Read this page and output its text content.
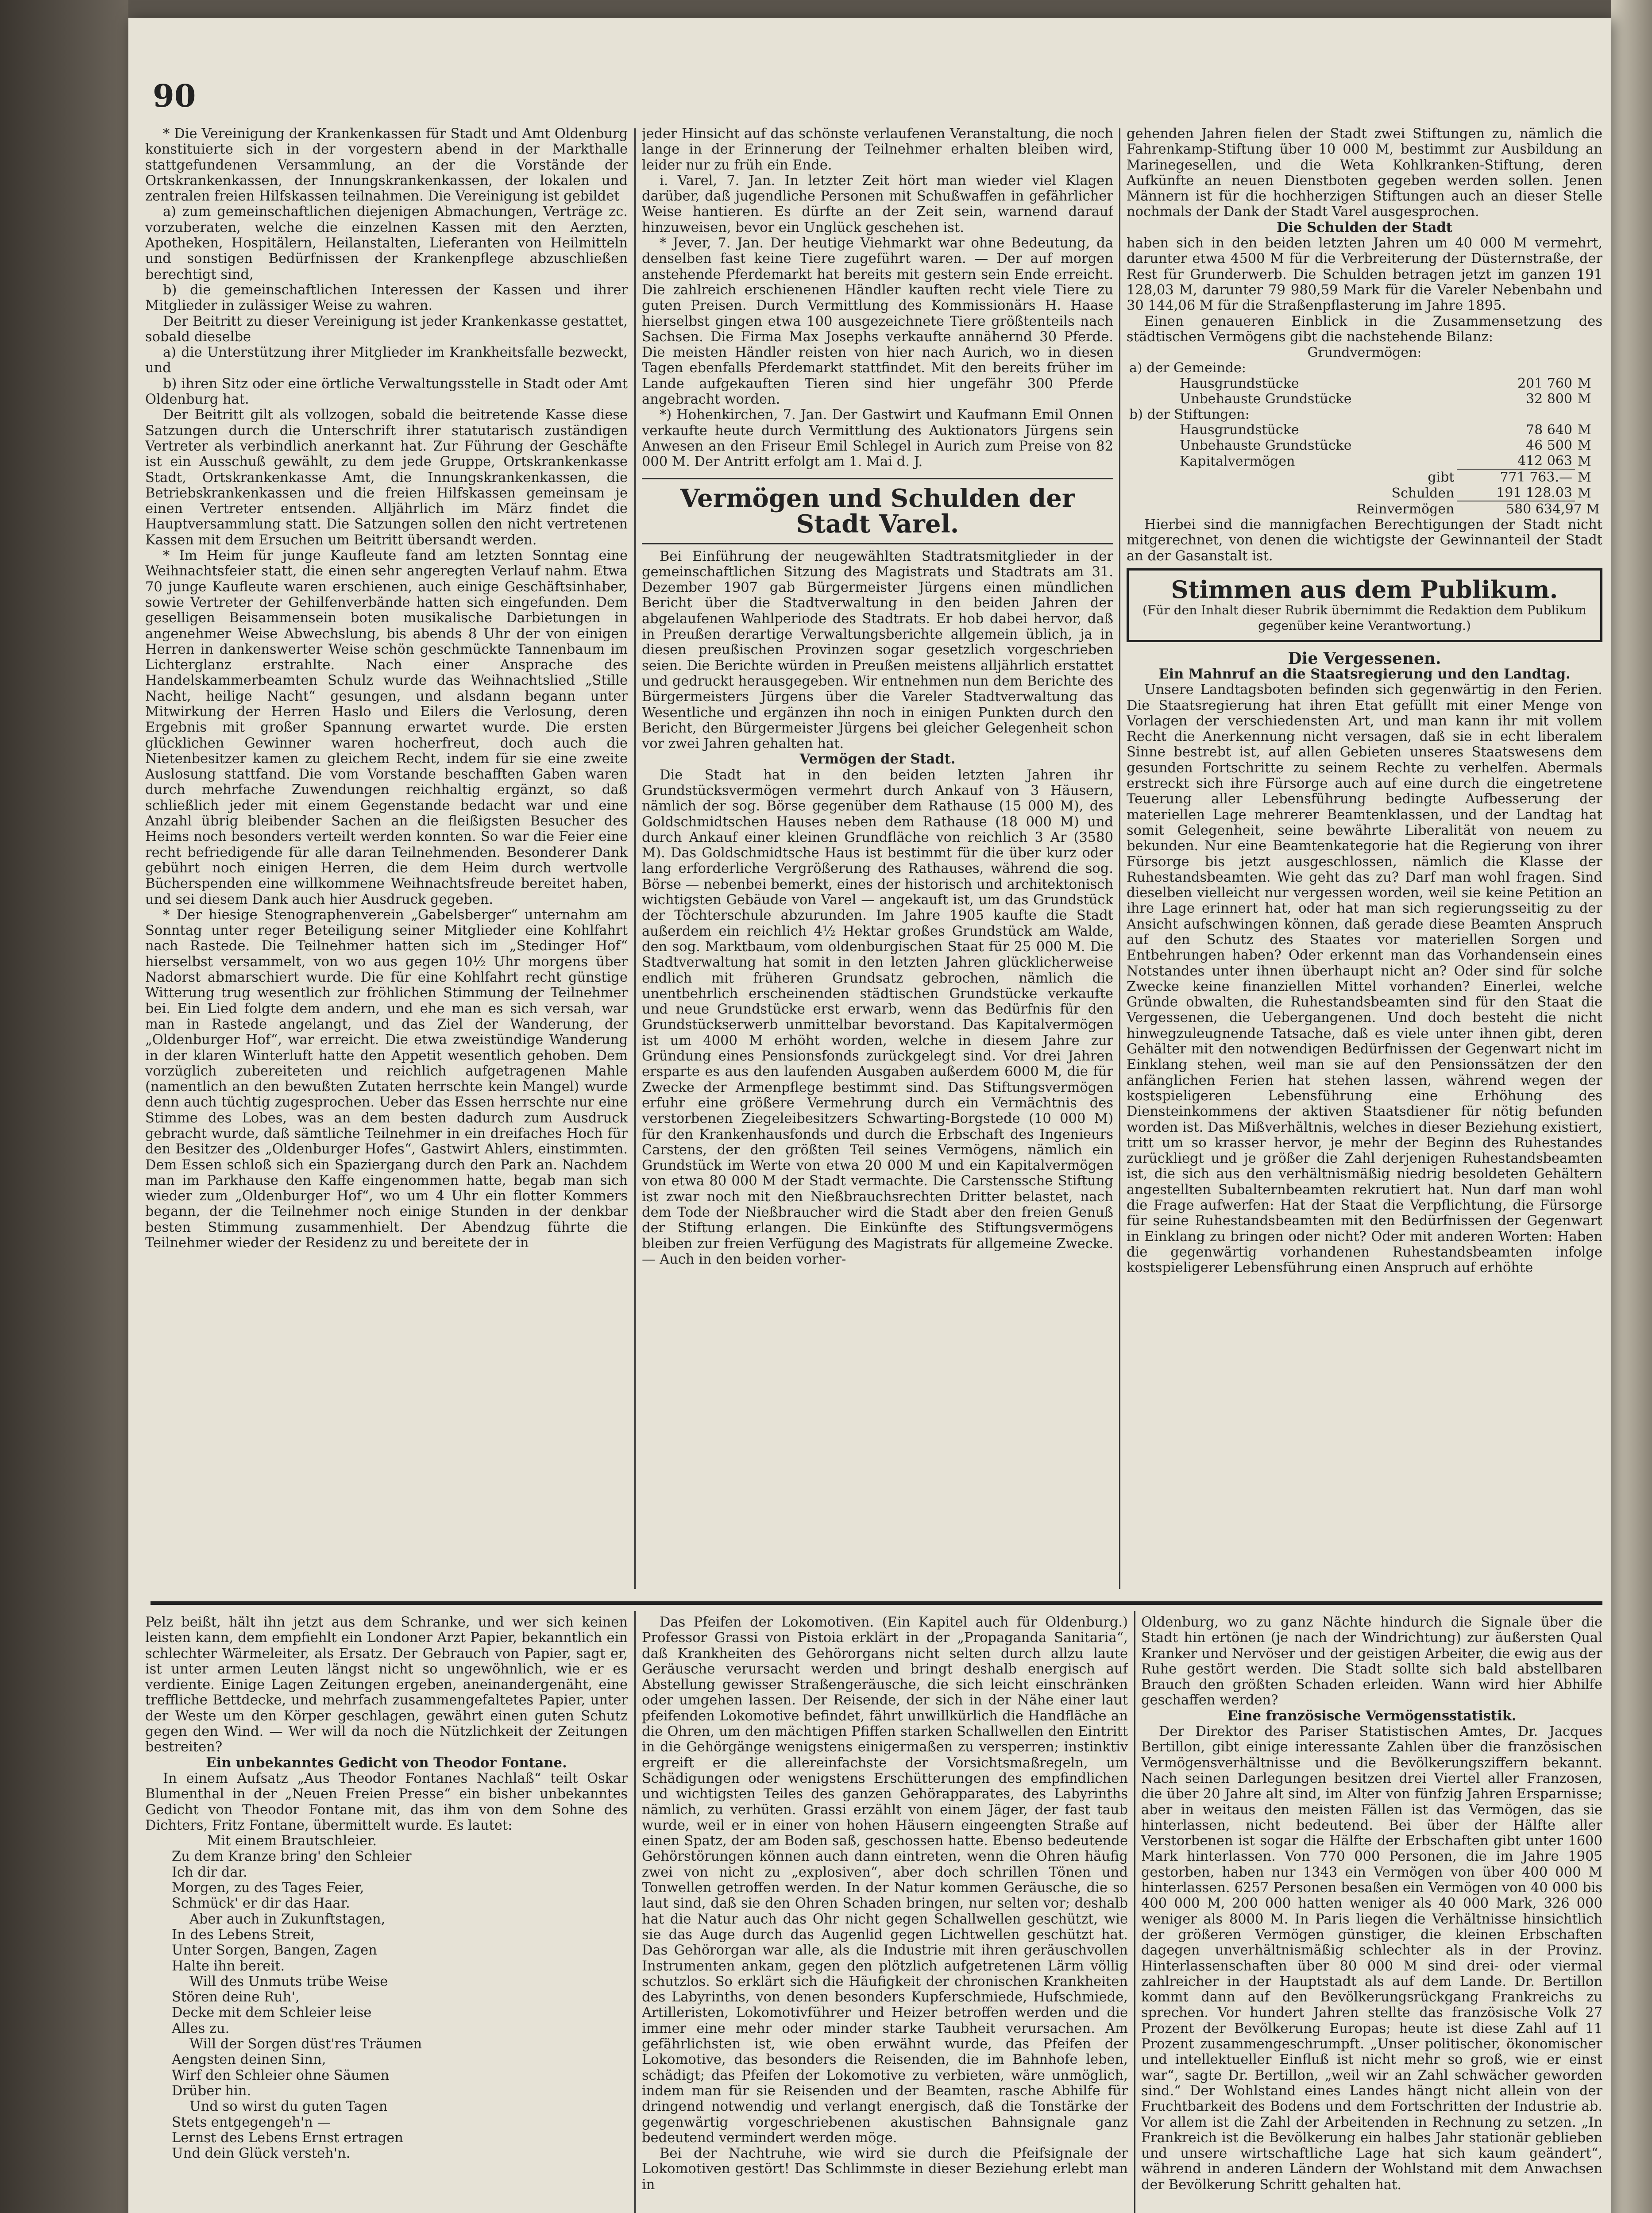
90

* Die Vereinigung der Krankenkassen für Stadt und Amt Oldenburg konstituierte sich in der vorgestern abend in der Markthalle stattgefundenen Versammlung, an der die Vorstände der Ortskrankenkassen, der Innungskrankenkassen, der lokalen und zentralen freien Hilfskassen teilnahmen. Die Vereinigung ist gebildet

a) zum gemeinschaftlichen diejenigen Abmachungen, Verträge zc. vorzuberaten, welche die einzelnen Kassen mit den Aerzten, Apotheken, Hospitälern, Heilanstalten, Lieferanten von Heilmitteln und sonstigen Bedürfnissen der Krankenpflege abzuschließen berechtigt sind,

b) die gemeinschaftlichen Interessen der Kassen und ihrer Mitglieder in zulässiger Weise zu wahren.

Der Beitritt zu dieser Vereinigung ist jeder Krankenkasse gestattet, sobald dieselbe

a) die Unterstützung ihrer Mitglieder im Krankheitsfalle bezweckt, und

b) ihren Sitz oder eine örtliche Verwaltungsstelle in Stadt oder Amt Oldenburg hat.

Der Beitritt gilt als vollzogen, sobald die beitretende Kasse diese Satzungen durch die Unterschrift ihrer statutarisch zuständigen Vertreter als verbindlich anerkannt hat. Zur Führung der Geschäfte ist ein Ausschuß gewählt, zu dem jede Gruppe, Ortskrankenkasse Stadt, Ortskrankenkasse Amt, die Innungskrankenkassen, die Betriebskrankenkassen und die freien Hilfskassen gemeinsam je einen Vertreter entsenden. Alljährlich im März findet die Hauptversammlung statt. Die Satzungen sollen den nicht vertretenen Kassen mit dem Ersuchen um Beitritt übersandt werden.

* Im Heim für junge Kaufleute fand am letzten Sonntag eine Weihnachtsfeier statt, die einen sehr angeregten Verlauf nahm. Etwa 70 junge Kaufleute waren erschienen, auch einige Geschäftsinhaber, sowie Vertreter der Gehilfenverbände hatten sich eingefunden. Dem geselligen Beisammensein boten musikalische Darbietungen in angenehmer Weise Abwechslung, bis abends 8 Uhr der von einigen Herren in dankenswerter Weise schön geschmückte Tannenbaum im Lichterglanz erstrahlte. Nach einer Ansprache des Handelskammerbeamten Schulz wurde das Weihnachtslied „Stille Nacht, heilige Nacht“ gesungen, und alsdann begann unter Mitwirkung der Herren Haslo und Eilers die Verlosung, deren Ergebnis mit großer Spannung erwartet wurde. Die ersten glücklichen Gewinner waren hocherfreut, doch auch die Nietenbesitzer kamen zu gleichem Recht, indem für sie eine zweite Auslosung stattfand. Die vom Vorstande beschafften Gaben waren durch mehrfache Zuwendungen reichhaltig ergänzt, so daß schließlich jeder mit einem Gegenstande bedacht war und eine Anzahl übrig bleibender Sachen an die fleißigsten Besucher des Heims noch besonders verteilt werden konnten. So war die Feier eine recht befriedigende für alle daran Teilnehmenden. Besonderer Dank gebührt noch einigen Herren, die dem Heim durch wertvolle Bücherspenden eine willkommene Weihnachtsfreude bereitet haben, und sei diesem Dank auch hier Ausdruck gegeben.

* Der hiesige Stenographenverein „Gabelsberger“ unternahm am Sonntag unter reger Beteiligung seiner Mitglieder eine Kohlfahrt nach Rastede. Die Teilnehmer hatten sich im „Stedinger Hof“ hierselbst versammelt, von wo aus gegen 10½ Uhr morgens über Nadorst abmarschiert wurde. Die für eine Kohlfahrt recht günstige Witterung trug wesentlich zur fröhlichen Stimmung der Teilnehmer bei. Ein Lied folgte dem andern, und ehe man es sich versah, war man in Rastede angelangt, und das Ziel der Wanderung, der „Oldenburger Hof“, war erreicht. Die etwa zweistündige Wanderung in der klaren Winterluft hatte den Appetit wesentlich gehoben. Dem vorzüglich zubereiteten und reichlich aufgetragenen Mahle (namentlich an den bewußten Zutaten herrschte kein Mangel) wurde denn auch tüchtig zugesprochen. Ueber das Essen herrschte nur eine Stimme des Lobes, was an dem besten dadurch zum Ausdruck gebracht wurde, daß sämtliche Teilnehmer in ein dreifaches Hoch für den Besitzer des „Oldenburger Hofes“, Gastwirt Ahlers, einstimmten. Dem Essen schloß sich ein Spaziergang durch den Park an. Nachdem man im Parkhause den Kaffe eingenommen hatte, begab man sich wieder zum „Oldenburger Hof“, wo um 4 Uhr ein flotter Kommers begann, der die Teilnehmer noch einige Stunden in der denkbar besten Stimmung zusammenhielt. Der Abendzug führte die Teilnehmer wieder der Residenz zu und bereitete der in

jeder Hinsicht auf das schönste verlaufenen Veranstaltung, die noch lange in der Erinnerung der Teilnehmer erhalten bleiben wird, leider nur zu früh ein Ende.

i. Varel, 7. Jan. In letzter Zeit hört man wieder viel Klagen darüber, daß jugendliche Personen mit Schußwaffen in gefährlicher Weise hantieren. Es dürfte an der Zeit sein, warnend darauf hinzuweisen, bevor ein Unglück geschehen ist.

* Jever, 7. Jan. Der heutige Viehmarkt war ohne Bedeutung, da denselben fast keine Tiere zugeführt waren. — Der auf morgen anstehende Pferdemarkt hat bereits mit gestern sein Ende erreicht. Die zahlreich erschienenen Händler kauften recht viele Tiere zu guten Preisen. Durch Vermittlung des Kommissionärs H. Haase hierselbst gingen etwa 100 ausgezeichnete Tiere größtenteils nach Sachsen. Die Firma Max Josephs verkaufte annähernd 30 Pferde. Die meisten Händler reisten von hier nach Aurich, wo in diesen Tagen ebenfalls Pferdemarkt stattfindet. Mit den bereits früher im Lande aufgekauften Tieren sind hier ungefähr 300 Pferde angebracht worden.

*) Hohenkirchen, 7. Jan. Der Gastwirt und Kaufmann Emil Onnen verkaufte heute durch Vermittlung des Auktionators Jürgens sein Anwesen an den Friseur Emil Schlegel in Aurich zum Preise von 82 000 M. Der Antritt erfolgt am 1. Mai d. J.

Vermögen und Schulden der Stadt Varel.

Bei Einführung der neugewählten Stadtratsmitglieder in der gemeinschaftlichen Sitzung des Magistrats und Stadtrats am 31. Dezember 1907 gab Bürgermeister Jürgens einen mündlichen Bericht über die Stadtverwaltung in den beiden Jahren der abgelaufenen Wahlperiode des Stadtrats. Er hob dabei hervor, daß in Preußen derartige Verwaltungsberichte allgemein üblich, ja in diesen preußischen Provinzen sogar gesetzlich vorgeschrieben seien. Die Berichte würden in Preußen meistens alljährlich erstattet und gedruckt herausgegeben. Wir entnehmen nun dem Berichte des Bürgermeisters Jürgens über die Vareler Stadtverwaltung das Wesentliche und ergänzen ihn noch in einigen Punkten durch den Bericht, den Bürgermeister Jürgens bei gleicher Gelegenheit schon vor zwei Jahren gehalten hat.

Vermögen der Stadt.

Die Stadt hat in den beiden letzten Jahren ihr Grundstücksvermögen vermehrt durch Ankauf von 3 Häusern, nämlich der sog. Börse gegenüber dem Rathause (15 000 M), des Goldschmidtschen Hauses neben dem Rathause (18 000 M) und durch Ankauf einer kleinen Grundfläche von reichlich 3 Ar (3580 M). Das Goldschmidtsche Haus ist bestimmt für die über kurz oder lang erforderliche Vergrößerung des Rathauses, während die sog. Börse — nebenbei bemerkt, eines der historisch und architektonisch wichtigsten Gebäude von Varel — angekauft ist, um das Grundstück der Töchterschule abzurunden. Im Jahre 1905 kaufte die Stadt außerdem ein reichlich 4½ Hektar großes Grundstück am Walde, den sog. Marktbaum, vom oldenburgischen Staat für 25 000 M. Die Stadtverwaltung hat somit in den letzten Jahren glücklicherweise endlich mit früheren Grundsatz gebrochen, nämlich die unentbehrlich erscheinenden städtischen Grundstücke verkaufte und neue Grundstücke erst erwarb, wenn das Bedürfnis für den Grundstückserwerb unmittelbar bevorstand. Das Kapitalvermögen ist um 4000 M erhöht worden, welche in diesem Jahre zur Gründung eines Pensionsfonds zurückgelegt sind. Vor drei Jahren ersparte es aus den laufenden Ausgaben außerdem 6000 M, die für Zwecke der Armenpflege bestimmt sind. Das Stiftungsvermögen erfuhr eine größere Vermehrung durch ein Vermächtnis des verstorbenen Ziegeleibesitzers Schwarting-Borgstede (10 000 M) für den Krankenhausfonds und durch die Erbschaft des Ingenieurs Carstens, der den größten Teil seines Vermögens, nämlich ein Grundstück im Werte von etwa 20 000 M und ein Kapitalvermögen von etwa 80 000 M der Stadt vermachte. Die Carstenssche Stiftung ist zwar noch mit den Nießbrauchsrechten Dritter belastet, nach dem Tode der Nießbraucher wird die Stadt aber den freien Genuß der Stiftung erlangen. Die Einkünfte des Stiftungsvermögens bleiben zur freien Verfügung des Magistrats für allgemeine Zwecke. — Auch in den beiden vorher-

gehenden Jahren fielen der Stadt zwei Stiftungen zu, nämlich die Fahrenkamp-Stiftung über 10 000 M, bestimmt zur Ausbildung an Marinegesellen, und die Weta Kohlkranken-Stiftung, deren Aufkünfte an neuen Dienstboten gegeben werden sollen. Jenen Männern ist für die hochherzigen Stiftungen auch an dieser Stelle nochmals der Dank der Stadt Varel ausgesprochen.

Die Schulden der Stadt

haben sich in den beiden letzten Jahren um 40 000 M vermehrt, darunter etwa 4500 M für die Verbreiterung der Düsternstraße, der Rest für Grunderwerb. Die Schulden betragen jetzt im ganzen 191 128,03 M, darunter 79 980,59 Mark für die Vareler Nebenbahn und 30 144,06 M für die Straßenpflasterung im Jahre 1895.

Einen genaueren Einblick in die Zusammensetzung des städtischen Vermögens gibt die nachstehende Bilanz:

Grundvermögen:		
a) der Gemeinde:		
Hausgrundstücke	201 760	M
Unbehauste Grundstücke	32 800	M
b) der Stiftungen:		
Hausgrundstücke	78 640	M
Unbehauste Grundstücke	46 500	M
Kapitalvermögen	412 063	M
gibt	771 763.—	M
Schulden	191 128.03	M
Reinvermögen	580 634,97 M	

Hierbei sind die mannigfachen Berechtigungen der Stadt nicht mitgerechnet, von denen die wichtigste der Gewinnanteil der Stadt an der Gasanstalt ist.

Stimmen aus dem Publikum.

(Für den Inhalt dieser Rubrik übernimmt die Redaktion dem Publikum gegenüber keine Verantwortung.)

Die Vergessenen.

Ein Mahnruf an die Staatsregierung und den Landtag.

Unsere Landtagsboten befinden sich gegenwärtig in den Ferien. Die Staatsregierung hat ihren Etat gefüllt mit einer Menge von Vorlagen der verschiedensten Art, und man kann ihr mit vollem Recht die Anerkennung nicht versagen, daß sie in echt liberalem Sinne bestrebt ist, auf allen Gebieten unseres Staatswesens dem gesunden Fortschritte zu seinem Rechte zu verhelfen. Abermals erstreckt sich ihre Fürsorge auch auf eine durch die eingetretene Teuerung aller Lebensführung bedingte Aufbesserung der materiellen Lage mehrerer Beamtenklassen, und der Landtag hat somit Gelegenheit, seine bewährte Liberalität von neuem zu bekunden. Nur eine Beamtenkategorie hat die Regierung von ihrer Fürsorge bis jetzt ausgeschlossen, nämlich die Klasse der Ruhestandsbeamten. Wie geht das zu? Darf man wohl fragen. Sind dieselben vielleicht nur vergessen worden, weil sie keine Petition an ihre Lage erinnert hat, oder hat man sich regierungsseitig zu der Ansicht aufschwingen können, daß gerade diese Beamten Anspruch auf den Schutz des Staates vor materiellen Sorgen und Entbehrungen haben? Oder erkennt man das Vorhandensein eines Notstandes unter ihnen überhaupt nicht an? Oder sind für solche Zwecke keine finanziellen Mittel vorhanden? Einerlei, welche Gründe obwalten, die Ruhestandsbeamten sind für den Staat die Vergessenen, die Uebergangenen. Und doch besteht die nicht hinwegzuleugnende Tatsache, daß es viele unter ihnen gibt, deren Gehälter mit den notwendigen Bedürfnissen der Gegenwart nicht im Einklang stehen, weil man sie auf den Pensionssätzen der den anfänglichen Ferien hat stehen lassen, während wegen der kostspieligeren Lebensführung eine Erhöhung des Diensteinkommens der aktiven Staatsdiener für nötig befunden worden ist. Das Mißverhältnis, welches in dieser Beziehung existiert, tritt um so krasser hervor, je mehr der Beginn des Ruhestandes zurückliegt und je größer die Zahl derjenigen Ruhestandsbeamten ist, die sich aus den verhältnismäßig niedrig besoldeten Gehältern angestellten Subalternbeamten rekrutiert hat. Nun darf man wohl die Frage aufwerfen: Hat der Staat die Verpflichtung, die Fürsorge für seine Ruhestandsbeamten mit den Bedürfnissen der Gegenwart in Einklang zu bringen oder nicht? Oder mit anderen Worten: Haben die gegenwärtig vorhandenen Ruhestandsbeamten infolge kostspieligerer Lebensführung einen Anspruch auf erhöhte

Pelz beißt, hält ihn jetzt aus dem Schranke, und wer sich keinen leisten kann, dem empfiehlt ein Londoner Arzt Papier, bekanntlich ein schlechter Wärmeleiter, als Ersatz. Der Gebrauch von Papier, sagt er, ist unter armen Leuten längst nicht so ungewöhnlich, wie er es verdiente. Einige Lagen Zeitungen ergeben, aneinandergenäht, eine treffliche Bettdecke, und mehrfach zusammengefaltetes Papier, unter der Weste um den Körper geschlagen, gewährt einen guten Schutz gegen den Wind. — Wer will da noch die Nützlichkeit der Zeitungen bestreiten?

Ein unbekanntes Gedicht von Theodor Fontane.

In einem Aufsatz „Aus Theodor Fontanes Nachlaß“ teilt Oskar Blumenthal in der „Neuen Freien Presse“ ein bisher unbekanntes Gedicht von Theodor Fontane mit, das ihm von dem Sohne des Dichters, Fritz Fontane, übermittelt wurde. Es lautet:

Mit einem Brautschleier.

Zu dem Kranze bring' den Schleier

Ich dir dar.

Morgen, zu des Tages Feier,

Schmück' er dir das Haar.

Aber auch in Zukunftstagen,

In des Lebens Streit,

Unter Sorgen, Bangen, Zagen

Halte ihn bereit.

Will des Unmuts trübe Weise

Stören deine Ruh',

Decke mit dem Schleier leise

Alles zu.

Will der Sorgen düst'res Träumen

Aengsten deinen Sinn,

Wirf den Schleier ohne Säumen

Drüber hin.

Und so wirst du guten Tagen

Stets entgegengeh'n —

Lernst des Lebens Ernst ertragen

Und dein Glück versteh'n.

Das Pfeifen der Lokomotiven. (Ein Kapitel auch für Oldenburg.) Professor Grassi von Pistoia erklärt in der „Propaganda Sanitaria“, daß Krankheiten des Gehörorgans nicht selten durch allzu laute Geräusche verursacht werden und bringt deshalb energisch auf Abstellung gewisser Straßengeräusche, die sich leicht einschränken oder umgehen lassen. Der Reisende, der sich in der Nähe einer laut pfeifenden Lokomotive befindet, fährt unwillkürlich die Handfläche an die Ohren, um den mächtigen Pfiffen starken Schallwellen den Eintritt in die Gehörgänge wenigstens einigermaßen zu versperren; instinktiv ergreift er die allereinfachste der Vorsichtsmaßregeln, um Schädigungen oder wenigstens Erschütterungen des empfindlichen und wichtigsten Teiles des ganzen Gehörapparates, des Labyrinths nämlich, zu verhüten. Grassi erzählt von einem Jäger, der fast taub wurde, weil er in einer von hohen Häusern eingeengten Straße auf einen Spatz, der am Boden saß, geschossen hatte. Ebenso bedeutende Gehörstörungen können auch dann eintreten, wenn die Ohren häufig zwei von nicht zu „explosiven“, aber doch schrillen Tönen und Tonwellen getroffen werden. In der Natur kommen Geräusche, die so laut sind, daß sie den Ohren Schaden bringen, nur selten vor; deshalb hat die Natur auch das Ohr nicht gegen Schallwellen geschützt, wie sie das Auge durch das Augenlid gegen Lichtwellen geschützt hat. Das Gehörorgan war alle, als die Industrie mit ihren geräuschvollen Instrumenten ankam, gegen den plötzlich aufgetretenen Lärm völlig schutzlos. So erklärt sich die Häufigkeit der chronischen Krankheiten des Labyrinths, von denen besonders Kupferschmiede, Hufschmiede, Artilleristen, Lokomotivführer und Heizer betroffen werden und die immer eine mehr oder minder starke Taubheit verursachen. Am gefährlichsten ist, wie oben erwähnt wurde, das Pfeifen der Lokomotive, das besonders die Reisenden, die im Bahnhofe leben, schädigt; das Pfeifen der Lokomotive zu verbieten, wäre unmöglich, indem man für sie Reisenden und der Beamten, rasche Abhilfe für dringend notwendig und verlangt energisch, daß die Tonstärke der gegenwärtig vorgeschriebenen akustischen Bahnsignale ganz bedeutend vermindert werden möge.

Bei der Nachtruhe, wie wird sie durch die Pfeifsignale der Lokomotiven gestört! Das Schlimmste in dieser Beziehung erlebt man in

Oldenburg, wo zu ganz Nächte hindurch die Signale über die Stadt hin ertönen (je nach der Windrichtung) zur äußersten Qual Kranker und Nervöser und der geistigen Arbeiter, die ewig aus der Ruhe gestört werden. Die Stadt sollte sich bald abstellbaren Brauch den größten Schaden erleiden. Wann wird hier Abhilfe geschaffen werden?

Eine französische Vermögensstatistik.

Der Direktor des Pariser Statistischen Amtes, Dr. Jacques Bertillon, gibt einige interessante Zahlen über die französischen Vermögensverhältnisse und die Bevölkerungsziffern bekannt. Nach seinen Darlegungen besitzen drei Viertel aller Franzosen, die über 20 Jahre alt sind, im Alter von fünfzig Jahren Ersparnisse; aber in weitaus den meisten Fällen ist das Vermögen, das sie hinterlassen, nicht bedeutend. Bei über der Hälfte aller Verstorbenen ist sogar die Hälfte der Erbschaften gibt unter 1600 Mark hinterlassen. Von 770 000 Personen, die im Jahre 1905 gestorben, haben nur 1343 ein Vermögen von über 400 000 M hinterlassen. 6257 Personen besaßen ein Vermögen von 40 000 bis 400 000 M, 200 000 hatten weniger als 40 000 Mark, 326 000 weniger als 8000 M. In Paris liegen die Verhältnisse hinsichtlich der größeren Vermögen günstiger, die kleinen Erbschaften dagegen unverhältnismäßig schlechter als in der Provinz. Hinterlassenschaften über 80 000 M sind drei- oder viermal zahlreicher in der Hauptstadt als auf dem Lande. Dr. Bertillon kommt dann auf den Bevölkerungsrückgang Frankreichs zu sprechen. Vor hundert Jahren stellte das französische Volk 27 Prozent der Bevölkerung Europas; heute ist diese Zahl auf 11 Prozent zusammengeschrumpft. „Unser politischer, ökonomischer und intellektueller Einfluß ist nicht mehr so groß, wie er einst war“, sagte Dr. Bertillon, „weil wir an Zahl schwächer geworden sind.“ Der Wohlstand eines Landes hängt nicht allein von der Fruchtbarkeit des Bodens und dem Fortschritten der Industrie ab. Vor allem ist die Zahl der Arbeitenden in Rechnung zu setzen. „In Frankreich ist die Bevölkerung ein halbes Jahr stationär geblieben und unsere wirtschaftliche Lage hat sich kaum geändert“, während in anderen Ländern der Wohlstand mit dem Anwachsen der Bevölkerung Schritt gehalten hat.
